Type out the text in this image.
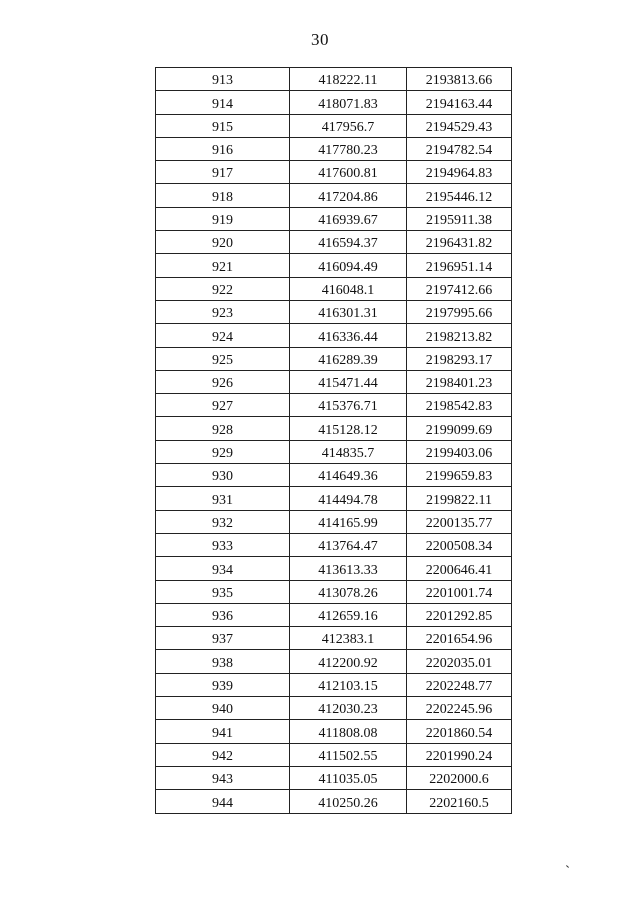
30
913	418222.11	2193813.66
914	418071.83	2194163.44
915	417956.7	2194529.43
916	417780.23	2194782.54
917	417600.81	2194964.83
918	417204.86	2195446.12
919	416939.67	2195911.38
920	416594.37	2196431.82
921	416094.49	2196951.14
922	416048.1	2197412.66
923	416301.31	2197995.66
924	416336.44	2198213.82
925	416289.39	2198293.17
926	415471.44	2198401.23
927	415376.71	2198542.83
928	415128.12	2199099.69
929	414835.7	2199403.06
930	414649.36	2199659.83
931	414494.78	2199822.11
932	414165.99	2200135.77
933	413764.47	2200508.34
934	413613.33	2200646.41
935	413078.26	2201001.74
936	412659.16	2201292.85
937	412383.1	2201654.96
938	412200.92	2202035.01
939	412103.15	2202248.77
940	412030.23	2202245.96
941	411808.08	2201860.54
942	411502.55	2201990.24
943	411035.05	2202000.6
944	410250.26	2202160.5
